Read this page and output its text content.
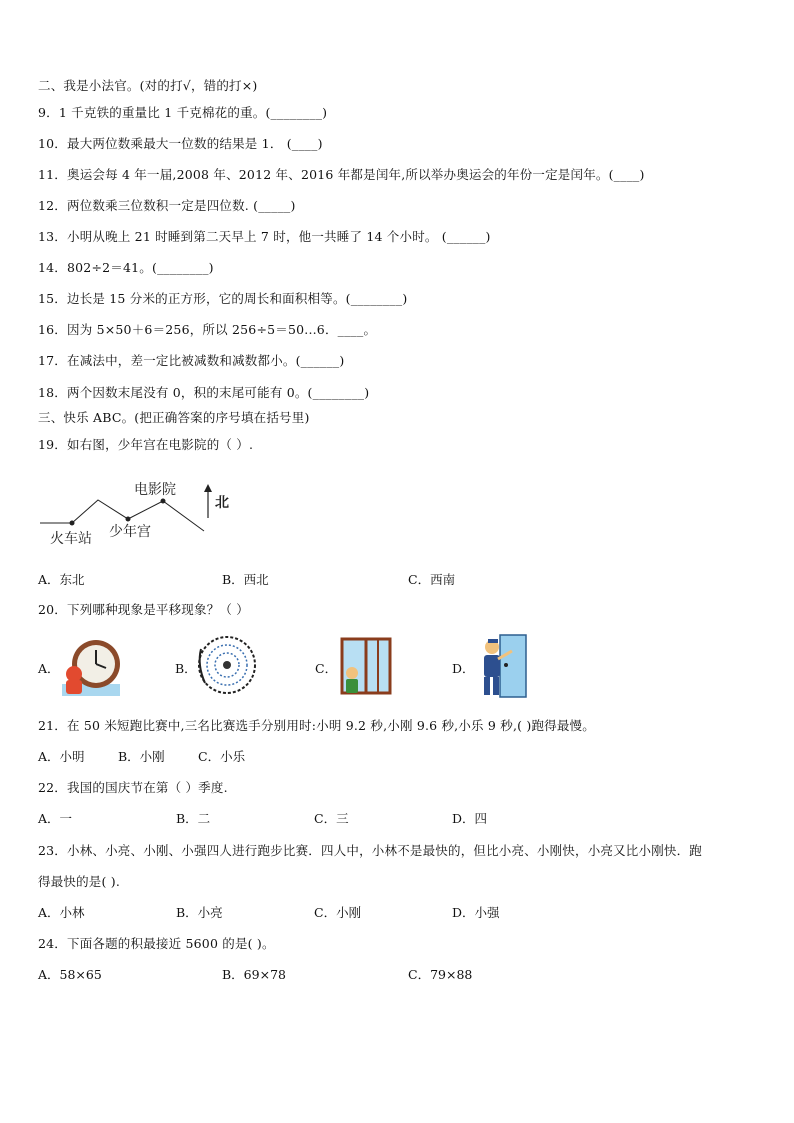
二、我是小法官。(对的打√，错的打×)
9．1 千克铁的重量比 1 千克棉花的重。(________)
10．最大两位数乘最大一位数的结果是 1． (____)
11．奥运会每 4 年一届,2008 年、2012 年、2016 年都是闰年,所以举办奥运会的年份一定是闰年。(____)
12．两位数乘三位数积一定是四位数. (_____)
13．小明从晚上 21 时睡到第二天早上 7 时，他一共睡了 14 个小时。 (______)
14．802÷2＝41。(________)
15．边长是 15 分米的正方形，它的周长和面积相等。(________)
16．因为 5×50＋6＝256，所以 256÷5＝50...6．____。
17．在减法中，差一定比被减数和减数都小。(______)
18．两个因数末尾没有 0，积的末尾可能有 0。(________)
三、快乐 ABC。(把正确答案的序号填在括号里)
19．如右图，少年宫在电影院的（ ）.
电影院
火车站 少年宫
北
A．东北	B．西北	C．西南
20．下列哪种现象是平移现象？（ ）
A．	B．	C．	D．
21．在 50 米短跑比赛中,三名比赛选手分别用时:小明 9.2 秒,小刚 9.6 秒,小乐 9 秒,( )跑得最慢。
A．小明	B．小刚	C．小乐
22．我国的国庆节在第（ ）季度.
A．一	B．二	C．三	D．四
23．小林、小亮、小刚、小强四人进行跑步比赛．四人中，小林不是最快的，但比小亮、小刚快，小亮又比小刚快．跑
得最快的是( ).
A．小林	B．小亮	C．小刚	D．小强
24．下面各题的积最接近 5600 的是( )。
A．58×65	B．69×78	C．79×88
